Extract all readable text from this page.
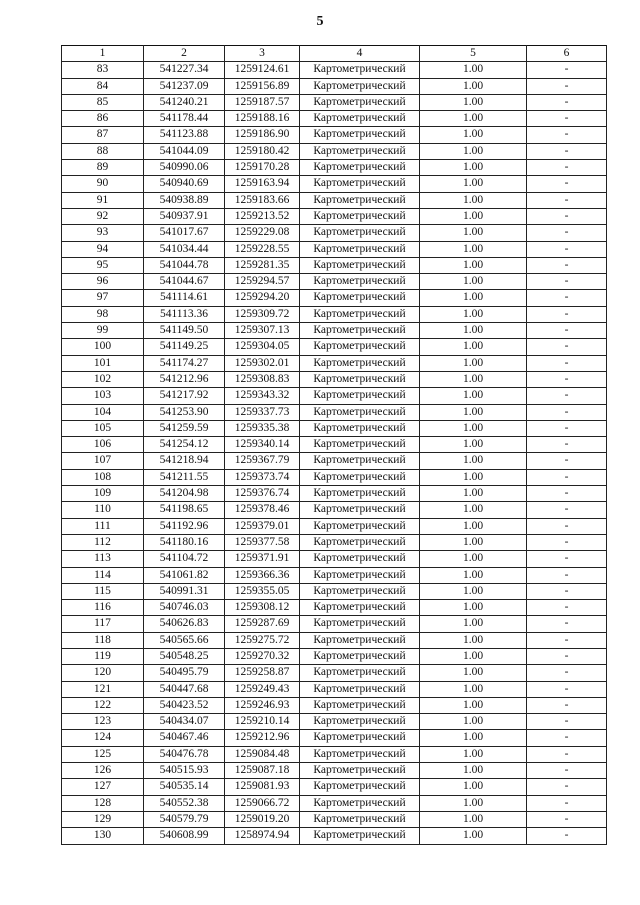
5
1	2	3	4	5	6
83	541227.34	1259124.61	Картометрический	1.00	-
84	541237.09	1259156.89	Картометрический	1.00	-
85	541240.21	1259187.57	Картометрический	1.00	-
86	541178.44	1259188.16	Картометрический	1.00	-
87	541123.88	1259186.90	Картометрический	1.00	-
88	541044.09	1259180.42	Картометрический	1.00	-
89	540990.06	1259170.28	Картометрический	1.00	-
90	540940.69	1259163.94	Картометрический	1.00	-
91	540938.89	1259183.66	Картометрический	1.00	-
92	540937.91	1259213.52	Картометрический	1.00	-
93	541017.67	1259229.08	Картометрический	1.00	-
94	541034.44	1259228.55	Картометрический	1.00	-
95	541044.78	1259281.35	Картометрический	1.00	-
96	541044.67	1259294.57	Картометрический	1.00	-
97	541114.61	1259294.20	Картометрический	1.00	-
98	541113.36	1259309.72	Картометрический	1.00	-
99	541149.50	1259307.13	Картометрический	1.00	-
100	541149.25	1259304.05	Картометрический	1.00	-
101	541174.27	1259302.01	Картометрический	1.00	-
102	541212.96	1259308.83	Картометрический	1.00	-
103	541217.92	1259343.32	Картометрический	1.00	-
104	541253.90	1259337.73	Картометрический	1.00	-
105	541259.59	1259335.38	Картометрический	1.00	-
106	541254.12	1259340.14	Картометрический	1.00	-
107	541218.94	1259367.79	Картометрический	1.00	-
108	541211.55	1259373.74	Картометрический	1.00	-
109	541204.98	1259376.74	Картометрический	1.00	-
110	541198.65	1259378.46	Картометрический	1.00	-
111	541192.96	1259379.01	Картометрический	1.00	-
112	541180.16	1259377.58	Картометрический	1.00	-
113	541104.72	1259371.91	Картометрический	1.00	-
114	541061.82	1259366.36	Картометрический	1.00	-
115	540991.31	1259355.05	Картометрический	1.00	-
116	540746.03	1259308.12	Картометрический	1.00	-
117	540626.83	1259287.69	Картометрический	1.00	-
118	540565.66	1259275.72	Картометрический	1.00	-
119	540548.25	1259270.32	Картометрический	1.00	-
120	540495.79	1259258.87	Картометрический	1.00	-
121	540447.68	1259249.43	Картометрический	1.00	-
122	540423.52	1259246.93	Картометрический	1.00	-
123	540434.07	1259210.14	Картометрический	1.00	-
124	540467.46	1259212.96	Картометрический	1.00	-
125	540476.78	1259084.48	Картометрический	1.00	-
126	540515.93	1259087.18	Картометрический	1.00	-
127	540535.14	1259081.93	Картометрический	1.00	-
128	540552.38	1259066.72	Картометрический	1.00	-
129	540579.79	1259019.20	Картометрический	1.00	-
130	540608.99	1258974.94	Картометрический	1.00	-
